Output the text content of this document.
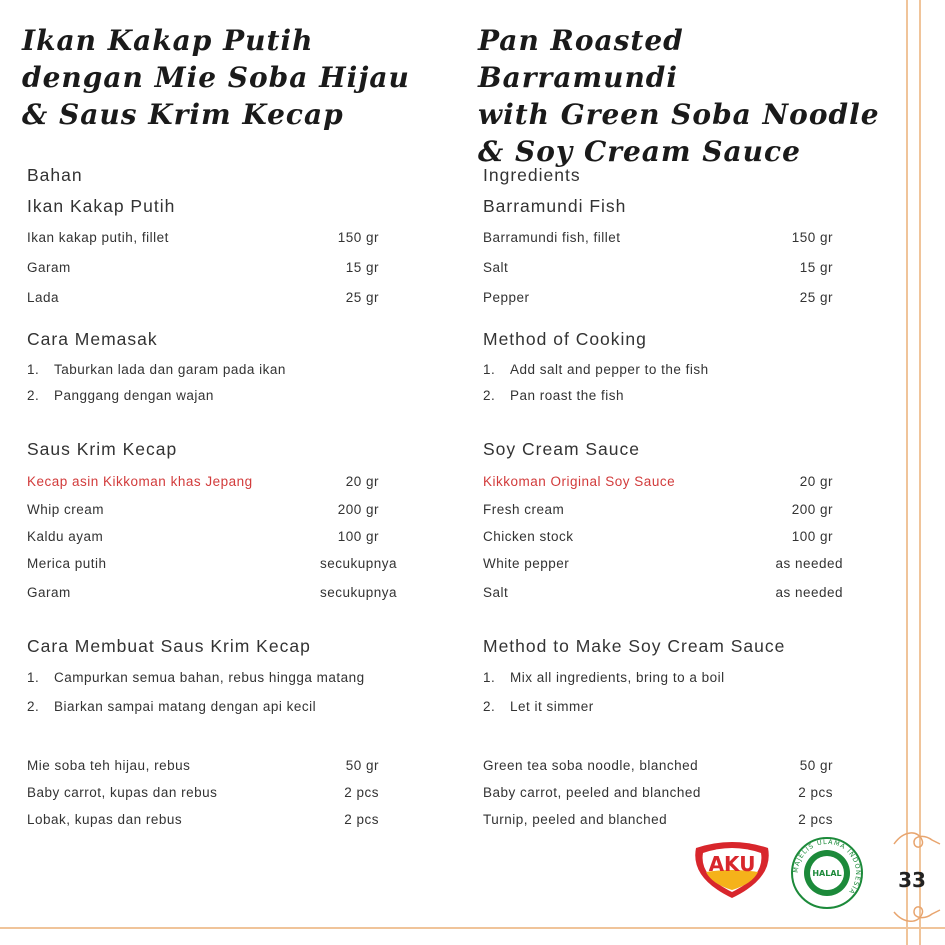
Ikan Kakap Putih
dengan Mie Soba Hijau
& Saus Krim Kecap
Bahan
Ikan Kakap Putih
Ikan kakap putih, fillet	150 gr
Garam	15 gr
Lada	25 gr
Cara Memasak
1. Taburkan lada dan garam pada ikan
2. Panggang dengan wajan
Saus Krim Kecap
Kecap asin Kikkoman khas Jepang	20 gr
Whip cream	200 gr
Kaldu ayam	100 gr
Merica putih	secukupnya
Garam	secukupnya
Cara Membuat Saus Krim Kecap
1. Campurkan semua bahan, rebus hingga matang
2. Biarkan sampai matang dengan api kecil
Mie soba teh hijau, rebus	50 gr
Baby carrot, kupas dan rebus	2 pcs
Lobak, kupas dan rebus	2 pcs
Pan Roasted Barramundi
with Green Soba Noodle
& Soy Cream Sauce
Ingredients
Barramundi Fish
Barramundi fish, fillet	150 gr
Salt	15 gr
Pepper	25 gr
Method of Cooking
1. Add salt and pepper to the fish
2. Pan roast the fish
Soy Cream Sauce
Kikkoman Original Soy Sauce	20 gr
Fresh cream	200 gr
Chicken stock	100 gr
White pepper	as needed
Salt	as needed
Method to Make Soy Cream Sauce
1. Mix all ingredients, bring to a boil
2. Let it simmer
Green tea soba noodle, blanched	50 gr
Baby carrot, peeled and blanched	2 pcs
Turnip, peeled and blanched	2 pcs
AKU	MAJELIS ULAMA INDONESIA
HALAL	33
